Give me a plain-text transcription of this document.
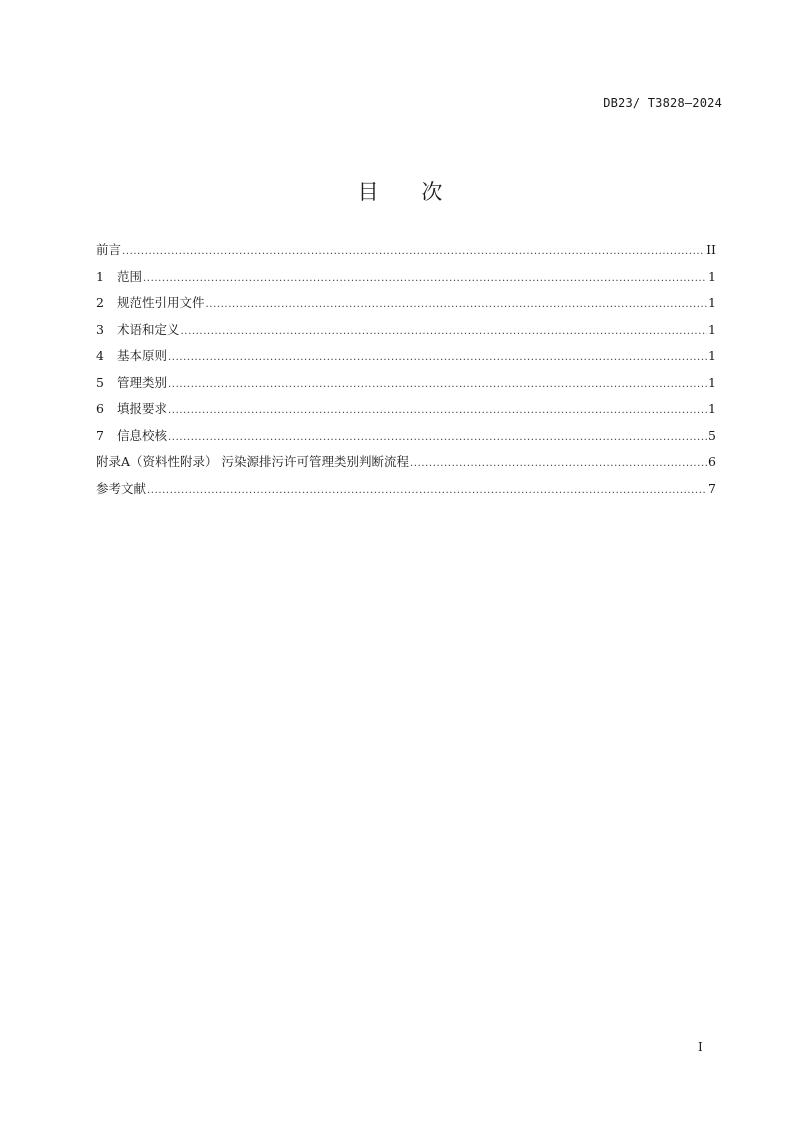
DB23/ T3828—2024
目 次
前言 .....	II
1	范围 .....	1
2	规范性引用文件 .....	1
3	术语和定义 .....	1
4	基本原则 .....	1
5	管理类别 .....	1
6	填报要求 .....	1
7	信息校核 .....	5
附录A（资料性附录） 污染源排污许可管理类别判断流程 .....	6
参考文献 .....	7
I
